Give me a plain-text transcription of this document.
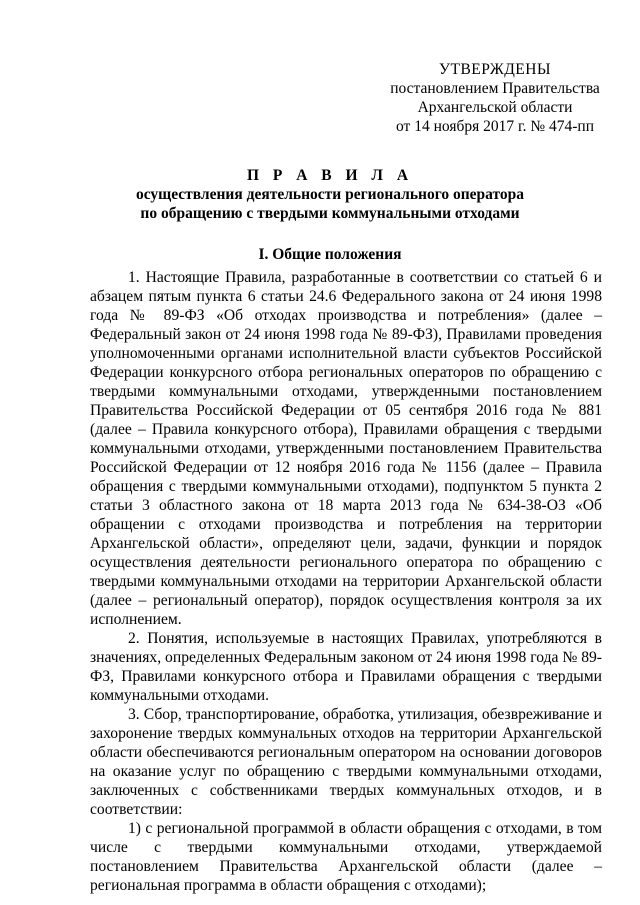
УТВЕРЖДЕНЫ
постановлением Правительства
Архангельской области
от 14 ноября 2017 г. № 474-пп
П Р А В И Л А
осуществления деятельности регионального оператора
по обращению с твердыми коммунальными отходами
I. Общие положения

1. Настоящие Правила, разработанные в соответствии со статьей 6 и абзацем пятым пункта 6 статьи 24.6 Федерального закона от 24 июня 1998 года № 89-ФЗ «Об отходах производства и потребления» (далее – Федеральный закон от 24 июня 1998 года № 89-ФЗ), Правилами проведения уполномоченными органами исполнительной власти субъектов Российской Федерации конкурсного отбора региональных операторов по обращению с твердыми коммунальными отходами, утвержденными постановлением Правительства Российской Федерации от 05 сентября 2016 года № 881 (далее – Правила конкурсного отбора), Правилами обращения с твердыми коммунальными отходами, утвержденными постановлением Правительства Российской Федерации от 12 ноября 2016 года № 1156 (далее – Правила обращения с твердыми коммунальными отходами), подпунктом 5 пункта 2 статьи 3 областного закона от 18 марта 2013 года № 634-38-ОЗ «Об обращении с отходами производства и потребления на территории Архангельской области», определяют цели, задачи, функции и порядок осуществления деятельности регионального оператора по обращению с твердыми коммунальными отходами на территории Архангельской области (далее – региональный оператор), порядок осуществления контроля за их исполнением.

2. Понятия, используемые в настоящих Правилах, употребляются в значениях, определенных Федеральным законом от 24 июня 1998 года № 89-ФЗ, Правилами конкурсного отбора и Правилами обращения с твердыми коммунальными отходами.

3. Сбор, транспортирование, обработка, утилизация, обезвреживание и захоронение твердых коммунальных отходов на территории Архангельской области обеспечиваются региональным оператором на основании договоров на оказание услуг по обращению с твердыми коммунальными отходами, заключенных с собственниками твердых коммунальных отходов, и в соответствии:

1) с региональной программой в области обращения с отходами, в том числе с твердыми коммунальными отходами, утверждаемой постановлением Правительства Архангельской области (далее – региональная программа в области обращения с отходами);
